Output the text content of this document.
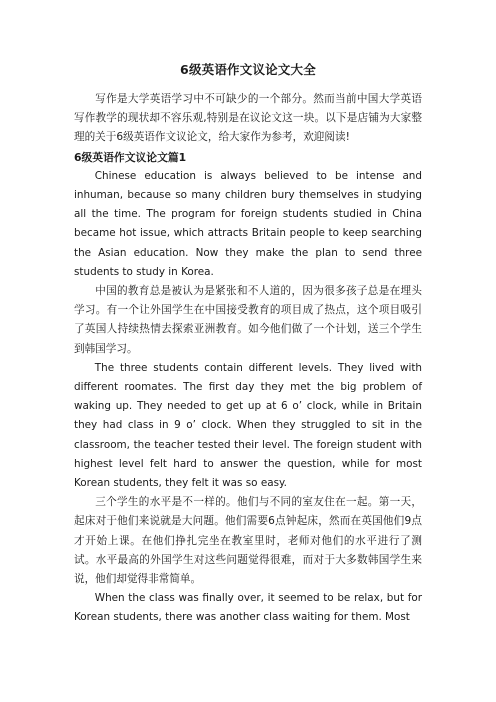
6级英语作文议论文大全

写作是大学英语学习中不可缺少的一个部分。然而当前中国大学英语写作教学的现状却不容乐观,特别是在议论文这一块。以下是店铺为大家整理的关于6级英语作文议论文，给大家作为参考，欢迎阅读!

6级英语作文议论文篇1

Chinese education is always believed to be intense and inhuman, because so many children bury themselves in studying all the time. The program for foreign students studied in China became hot issue, which attracts Britain people to keep searching the Asian education. Now they make the plan to send three students to study in Korea.

中国的教育总是被认为是紧张和不人道的，因为很多孩子总是在埋头学习。有一个让外国学生在中国接受教育的项目成了热点，这个项目吸引了英国人持续热情去探索亚洲教育。如今他们做了一个计划，送三个学生到韩国学习。

The three students contain different levels. They lived with different roomates. The first day they met the big problem of waking up. They needed to get up at 6 o’ clock, while in Britain they had class in 9 o’ clock. When they struggled to sit in the classroom, the teacher tested their level. The foreign student with highest level felt hard to answer the question, while for most Korean students, they felt it was so easy.

三个学生的水平是不一样的。他们与不同的室友住在一起。第一天，起床对于他们来说就是大问题。他们需要6点钟起床，然而在英国他们9点才开始上课。在他们挣扎完坐在教室里时，老师对他们的水平进行了测试。水平最高的外国学生对这些问题觉得很难，而对于大多数韩国学生来说，他们却觉得非常简单。

When the class was finally over, it seemed to be relax, but for Korean students, there was another class waiting for them. Most
